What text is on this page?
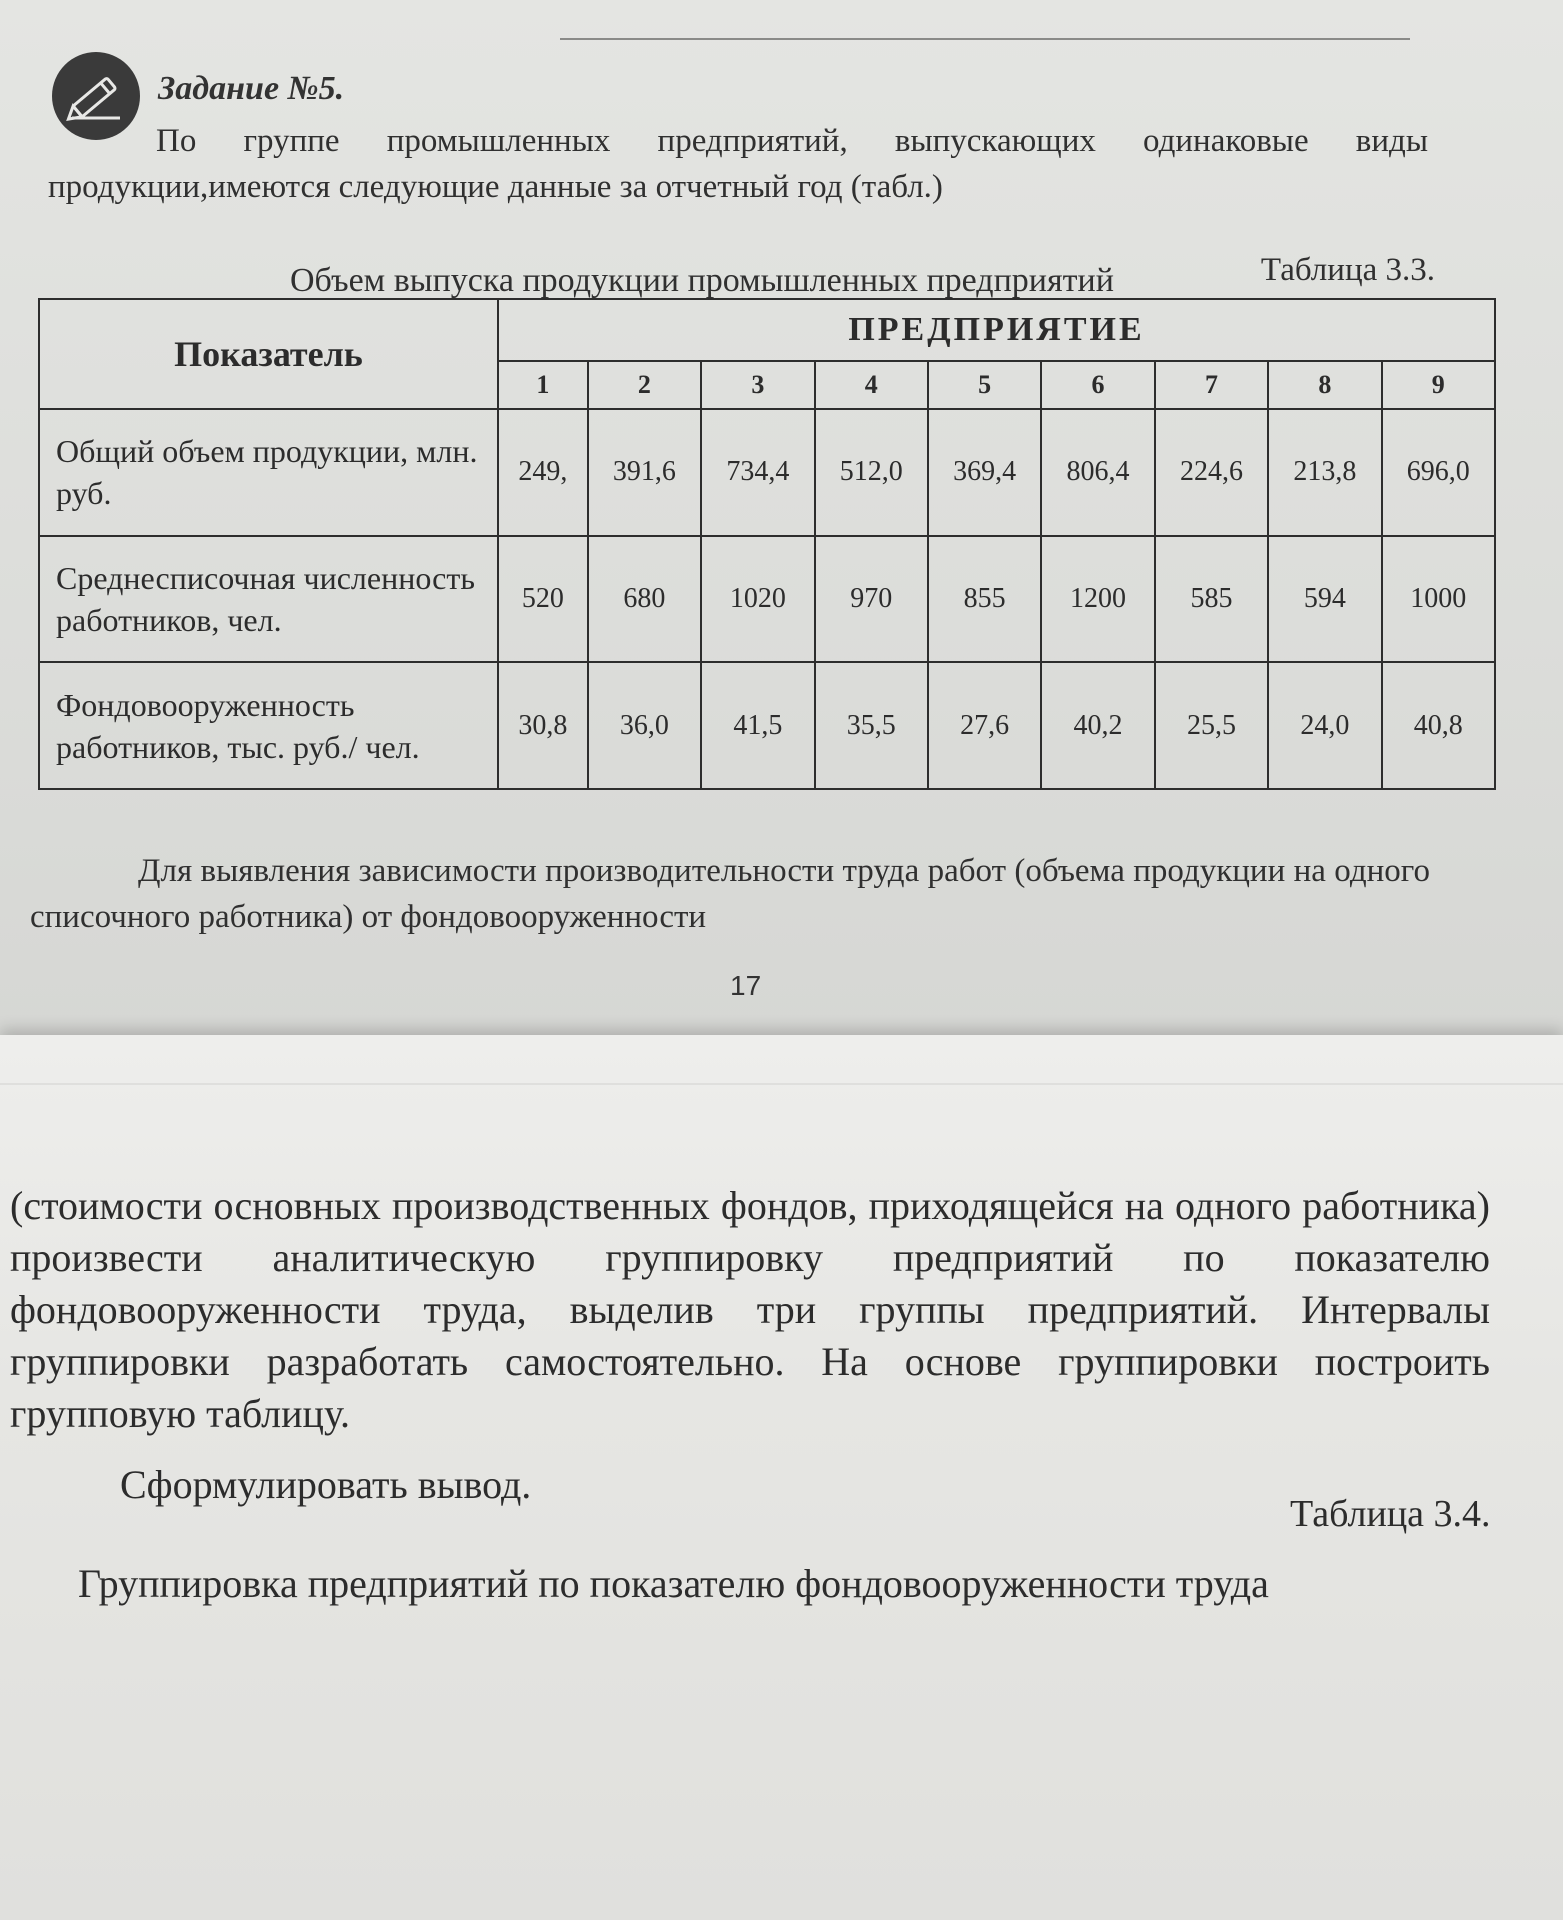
Задание №5.
По группе промышленных предприятий, выпускающих одинаковые виды продукции,имеются следующие данные за отчетный год (табл.)
Таблица 3.3.
Объем выпуска продукции промышленных предприятий
Показатель	ПРЕДПРИЯТИЕ								
	1	2	3	4	5	6	7	8	9
Общий объем продукции, млн. руб.	249,	391,6	734,4	512,0	369,4	806,4	224,6	213,8	696,0
Среднесписочная численность работников, чел.	520	680	1020	970	855	1200	585	594	1000
Фондовооруженность работников, тыс. руб./ чел.	30,8	36,0	41,5	35,5	27,6	40,2	25,5	24,0	40,8
Для выявления зависимости производительности труда работ (объема продукции на одного списочного работника) от фондовооруженности
17
(стоимости основных производственных фондов, приходящейся на одного работника) произвести аналитическую группировку предприятий по показателю фондовооруженности труда, выделив три группы предприятий. Интервалы группировки разработать самостоятельно. На основе группировки построить групповую таблицу.
Сформулировать вывод.
Таблица 3.4.
Группировка предприятий по показателю фондовооруженности труда
